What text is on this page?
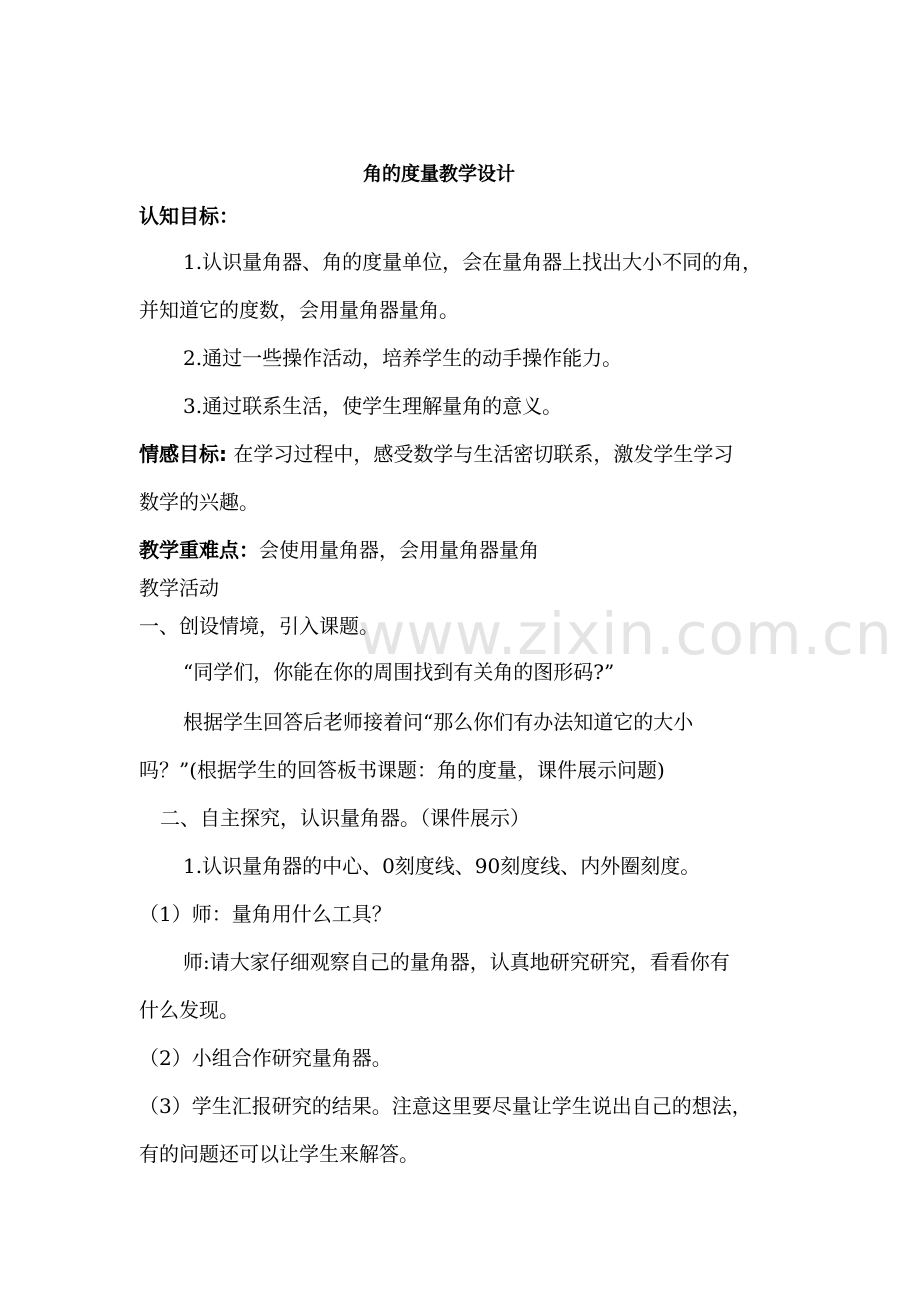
www.zixin.com.cn
角的度量教学设计
认知目标：
1.认识量角器、角的度量单位，会在量角器上找出大小不同的角，
并知道它的度数，会用量角器量角。
2.通过一些操作活动，培养学生的动手操作能力。
3.通过联系生活，使学生理解量角的意义。
情感目标: 在学习过程中，感受数学与生活密切联系，激发学生学习
数学的兴趣。
教学重难点：会使用量角器，会用量角器量角
教学活动
一、创设情境，引入课题。
“同学们，你能在你的周围找到有关角的图形码?”
根据学生回答后老师接着问“那么你们有办法知道它的大小
吗？”(根据学生的回答板书课题：角的度量，课件展示问题)
二、自主探究，认识量角器。（课件展示）
1.认识量角器的中心、0刻度线、90刻度线、内外圈刻度。
（1）师：量角用什么工具？
师:请大家仔细观察自己的量角器，认真地研究研究，看看你有
什么发现。
（2）小组合作研究量角器。
（3）学生汇报研究的结果。注意这里要尽量让学生说出自己的想法，
有的问题还可以让学生来解答。
